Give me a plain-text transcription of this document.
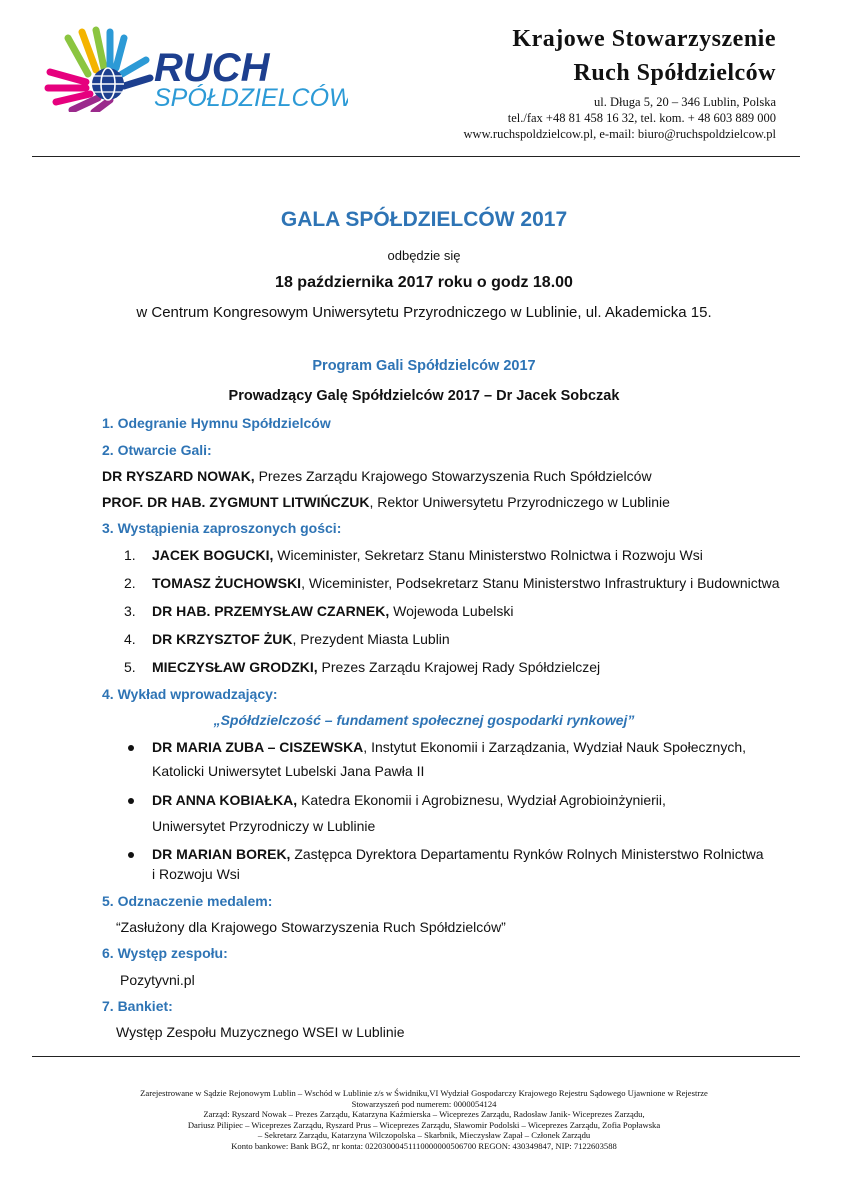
RUCH
SPÓŁDZIELCÓW
Krajowe Stowarzyszenie
Ruch Spółdzielców
ul. Długa 5, 20 – 346 Lublin, Polska
tel./fax +48 81 458 16 32, tel. kom. + 48 603 889 000
www.ruchspoldzielcow.pl, e-mail: biuro@ruchspoldzielcow.pl
GALA SPÓŁDZIELCÓW 2017
odbędzie się
18 października 2017 roku o godz 18.00
w Centrum Kongresowym Uniwersytetu Przyrodniczego w Lublinie, ul. Akademicka 15.
Program Gali Spółdzielców 2017
Prowadzący Galę Spółdzielców 2017 – Dr Jacek Sobczak
1. Odegranie Hymnu Spółdzielców
2. Otwarcie Gali:
DR RYSZARD NOWAK, Prezes Zarządu Krajowego Stowarzyszenia Ruch Spółdzielców
PROF. DR HAB. ZYGMUNT LITWIŃCZUK, Rektor Uniwersytetu Przyrodniczego w Lublinie
3. Wystąpienia zaproszonych gości:
1. JACEK BOGUCKI, Wiceminister, Sekretarz Stanu Ministerstwo Rolnictwa i Rozwoju Wsi
2. TOMASZ ŻUCHOWSKI, Wiceminister, Podsekretarz Stanu Ministerstwo Infrastruktury i Budownictwa
3. DR HAB. PRZEMYSŁAW CZARNEK, Wojewoda Lubelski
4. DR KRZYSZTOF ŻUK, Prezydent Miasta Lublin
5. MIECZYSŁAW GRODZKI, Prezes Zarządu Krajowej Rady Spółdzielczej
4. Wykład wprowadzający:
„Spółdzielczość – fundament społecznej gospodarki rynkowej”
DR MARIA ZUBA – CISZEWSKA, Instytut Ekonomii i Zarządzania, Wydział Nauk Społecznych,
Katolicki Uniwersytet Lubelski Jana Pawła II
DR ANNA KOBIAŁKA, Katedra Ekonomii i Agrobiznesu, Wydział Agrobioinżynierii,
Uniwersytet Przyrodniczy w Lublinie
DR MARIAN BOREK, Zastępca Dyrektora Departamentu Rynków Rolnych Ministerstwo Rolnictwa
i Rozwoju Wsi
5. Odznaczenie medalem:
“Zasłużony dla Krajowego Stowarzyszenia Ruch Spółdzielców”
6. Występ zespołu:
Pozytyvni.pl
7. Bankiet:
Występ Zespołu Muzycznego WSEI w Lublinie
Zarejestrowane w Sądzie Rejonowym Lublin – Wschód w Lublinie z/s w Świdniku,VI Wydział Gospodarczy Krajowego Rejestru Sądowego Ujawnione w Rejestrze
Stowarzyszeń pod numerem: 0000054124
Zarząd: Ryszard Nowak – Prezes Zarządu, Katarzyna Kaźmierska – Wiceprezes Zarządu, Radosław Janik- Wiceprezes Zarządu,
Dariusz Pilipiec – Wiceprezes Zarządu, Ryszard Prus – Wiceprezes Zarządu, Sławomir Podolski – Wiceprezes Zarządu, Zofia Popławska
– Sekretarz Zarządu, Katarzyna Wilczopolska – Skarbnik, Mieczysław Zapał – Członek Zarządu
Konto bankowe: Bank BGŻ, nr konta: 02203000451110000000506700 REGON: 430349847, NIP: 7122603588
